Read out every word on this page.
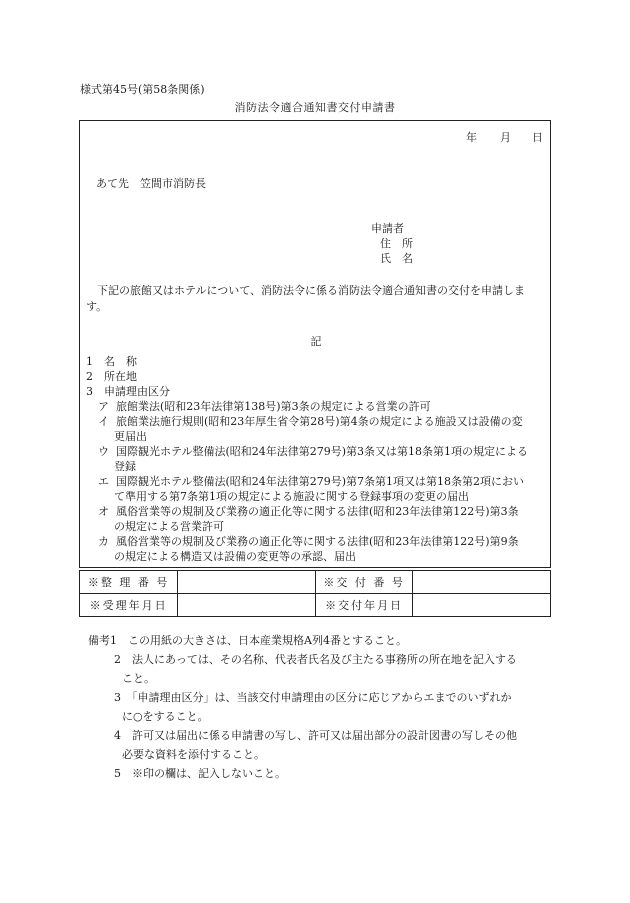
様式第45号(第58条関係)
消防法令適合通知書交付申請書
年 月 日
あて先　笠間市消防長
申請者
住　所
氏　名
下記の旅館又はホテルについて、消防法令に係る消防法令適合通知書の交付を申請します。
記
1　名　称
2　所在地
3　申請理由区分
ア 旅館業法(昭和23年法律第138号)第3条の規定による営業の許可
イ 旅館業法施行規則(昭和23年厚生省令第28号)第4条の規定による施設又は設備の変
更届出
ウ 国際観光ホテル整備法(昭和24年法律第279号)第3条又は第18条第1項の規定による
登録
エ 国際観光ホテル整備法(昭和24年法律第279号)第7条第1項又は第18条第2項におい
て準用する第7条第1項の規定による施設に関する登録事項の変更の届出
オ 風俗営業等の規制及び業務の適正化等に関する法律(昭和23年法律第122号)第3条
の規定による営業許可
カ 風俗営業等の規制及び業務の適正化等に関する法律(昭和23年法律第122号)第9条
の規定による構造又は設備の変更等の承認、届出
※整 理 番 号		※交 付 番 号	
※受理年月日		※交付年月日	
備考1　この用紙の大きさは、日本産業規格A列4番とすること。
2　法人にあっては、その名称、代表者氏名及び主たる事務所の所在地を記入する
こと。
3　「申請理由区分」は、当該交付申請理由の区分に応じアからエまでのいずれか
に○をすること。
4　許可又は届出に係る申請書の写し、許可又は届出部分の設計図書の写しその他
必要な資料を添付すること。
5　※印の欄は、記入しないこと。
